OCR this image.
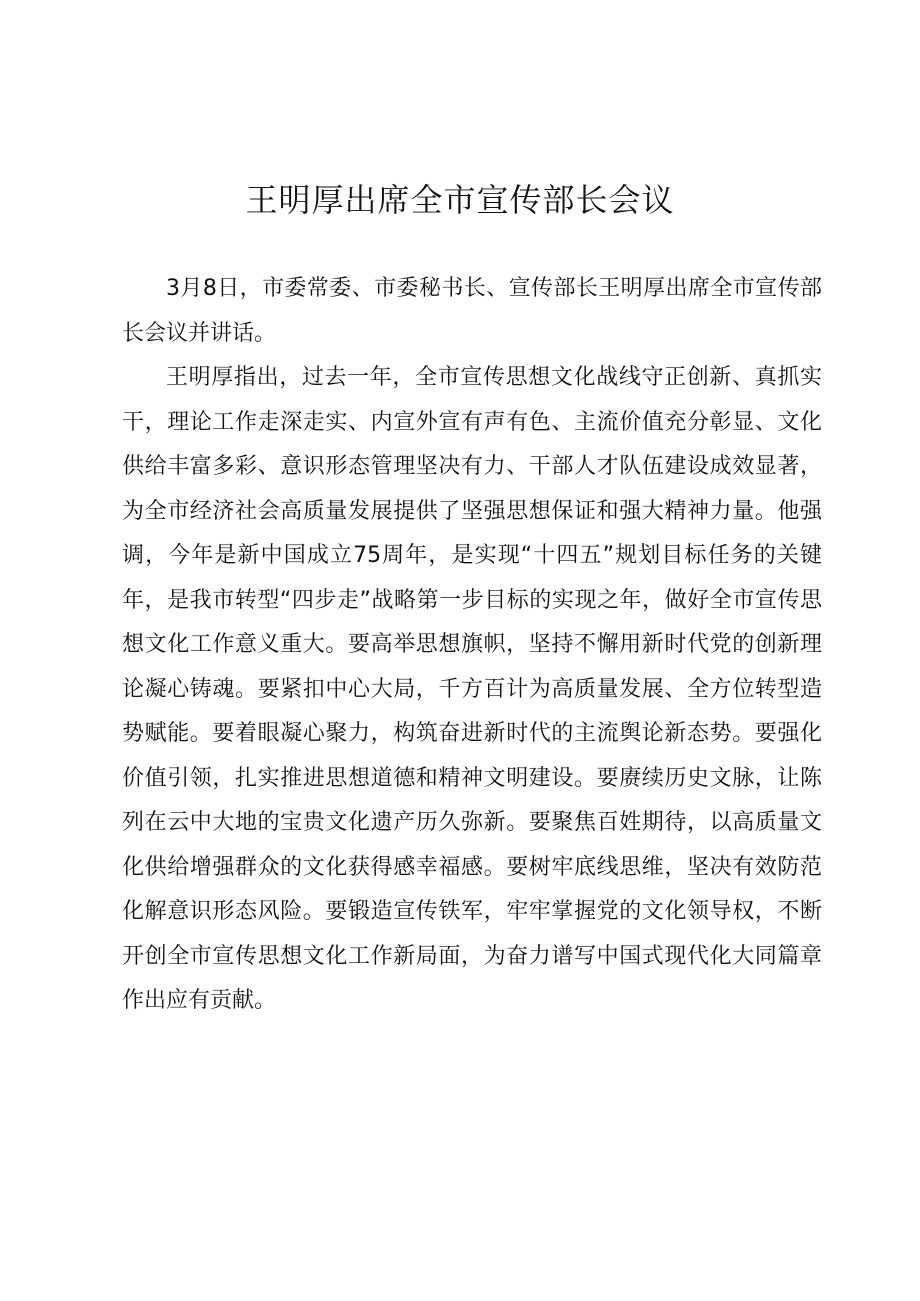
王明厚出席全市宣传部长会议

3月8日，市委常委、市委秘书长、宣传部长王明厚出席全市宣传部长会议并讲话。

王明厚指出，过去一年，全市宣传思想文化战线守正创新、真抓实干，理论工作走深走实、内宣外宣有声有色、主流价值充分彰显、文化供给丰富多彩、意识形态管理坚决有力、干部人才队伍建设成效显著，为全市经济社会高质量发展提供了坚强思想保证和强大精神力量。他强调，今年是新中国成立75周年，是实现“十四五”规划目标任务的关键年，是我市转型“四步走”战略第一步目标的实现之年，做好全市宣传思想文化工作意义重大。要高举思想旗帜，坚持不懈用新时代党的创新理论凝心铸魂。要紧扣中心大局，千方百计为高质量发展、全方位转型造势赋能。要着眼凝心聚力，构筑奋进新时代的主流舆论新态势。要强化价值引领，扎实推进思想道德和精神文明建设。要赓续历史文脉，让陈列在云中大地的宝贵文化遗产历久弥新。要聚焦百姓期待，以高质量文化供给增强群众的文化获得感幸福感。要树牢底线思维，坚决有效防范化解意识形态风险。要锻造宣传铁军，牢牢掌握党的文化领导权，不断开创全市宣传思想文化工作新局面，为奋力谱写中国式现代化大同篇章作出应有贡献。
